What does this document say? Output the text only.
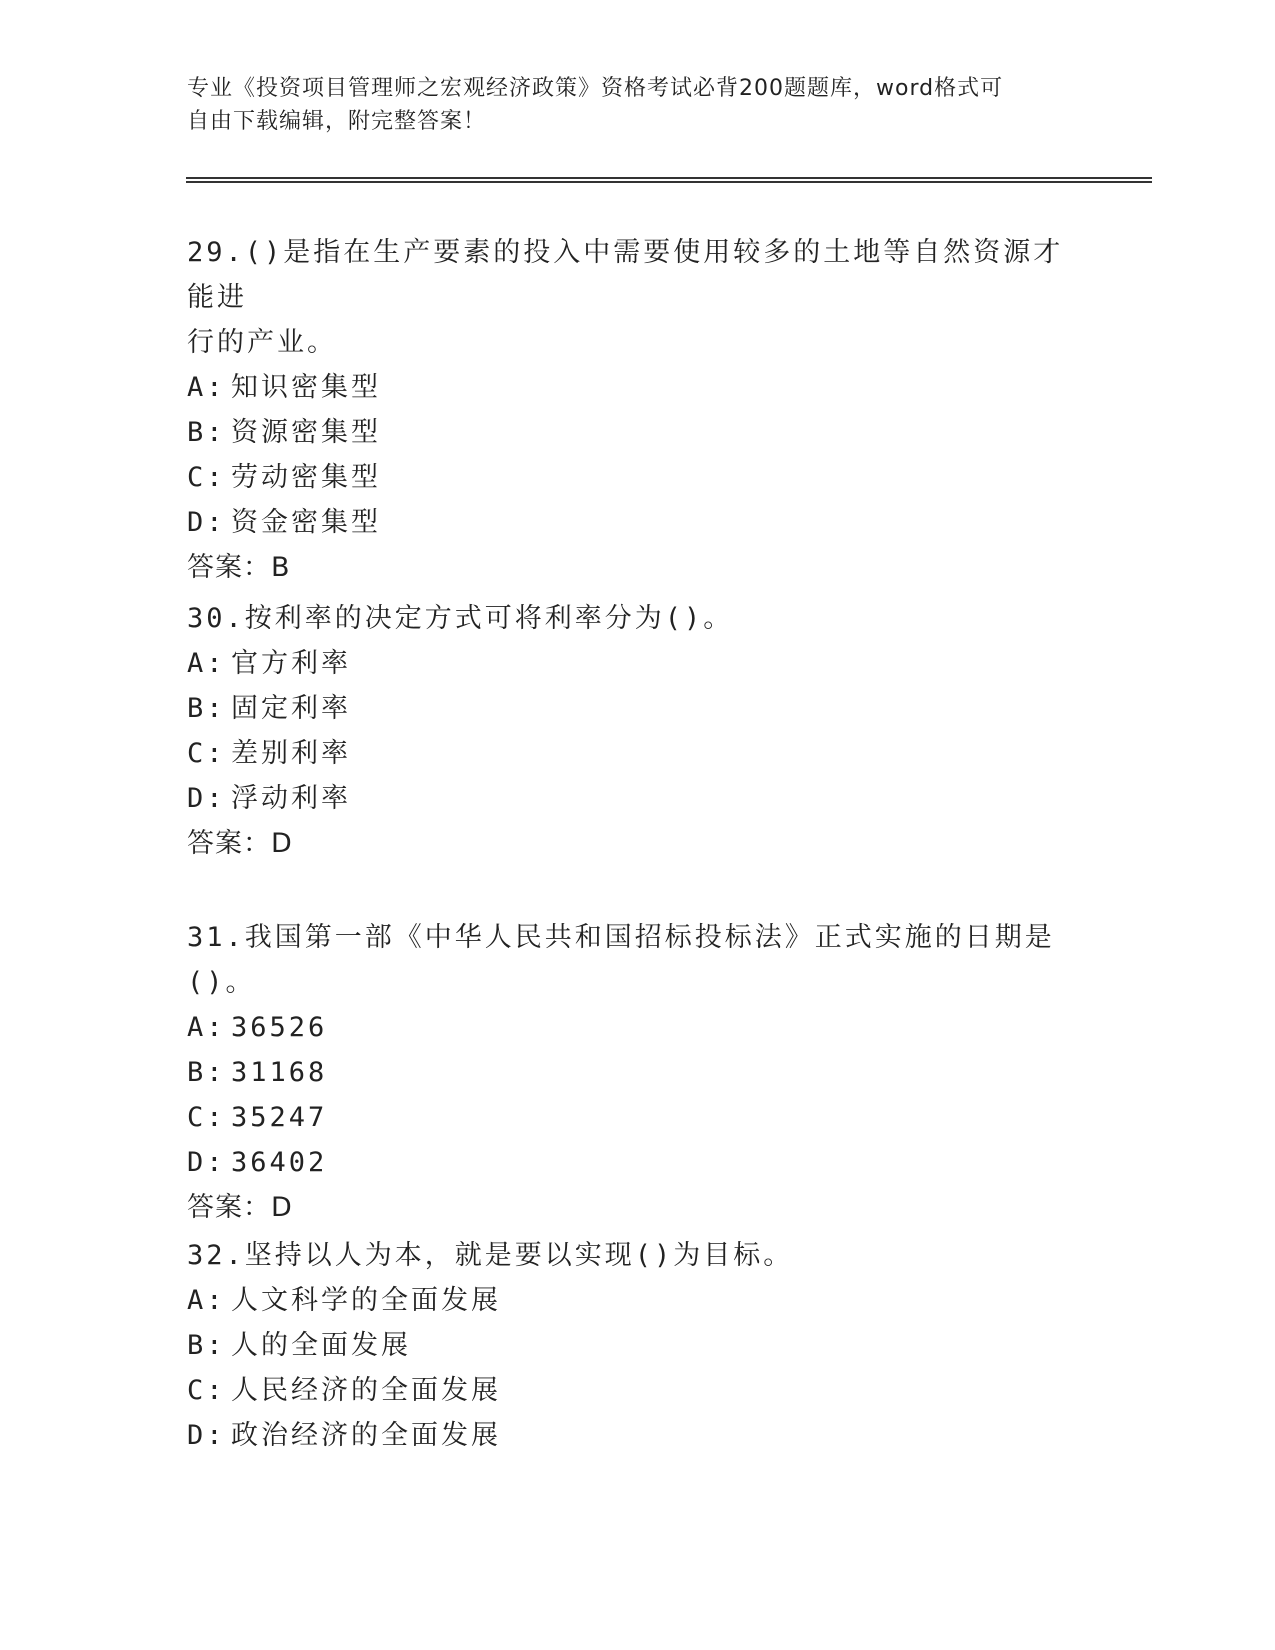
专业《投资项目管理师之宏观经济政策》资格考试必背200题题库，word格式可
自由下载编辑，附完整答案！

29.()是指在生产要素的投入中需要使用较多的土地等自然资源才能进

行的产业。

A: 知识密集型

B: 资源密集型

C: 劳动密集型

D: 资金密集型

答案：B

30.按利率的决定方式可将利率分为()。

A: 官方利率

B: 固定利率

C: 差别利率

D: 浮动利率

答案：D

31.我国第一部《中华人民共和国招标投标法》正式实施的日期是()。

A: 36526

B: 31168

C: 35247

D: 36402

答案：D

32.坚持以人为本，就是要以实现()为目标。

A: 人文科学的全面发展

B: 人的全面发展

C: 人民经济的全面发展

D: 政治经济的全面发展
